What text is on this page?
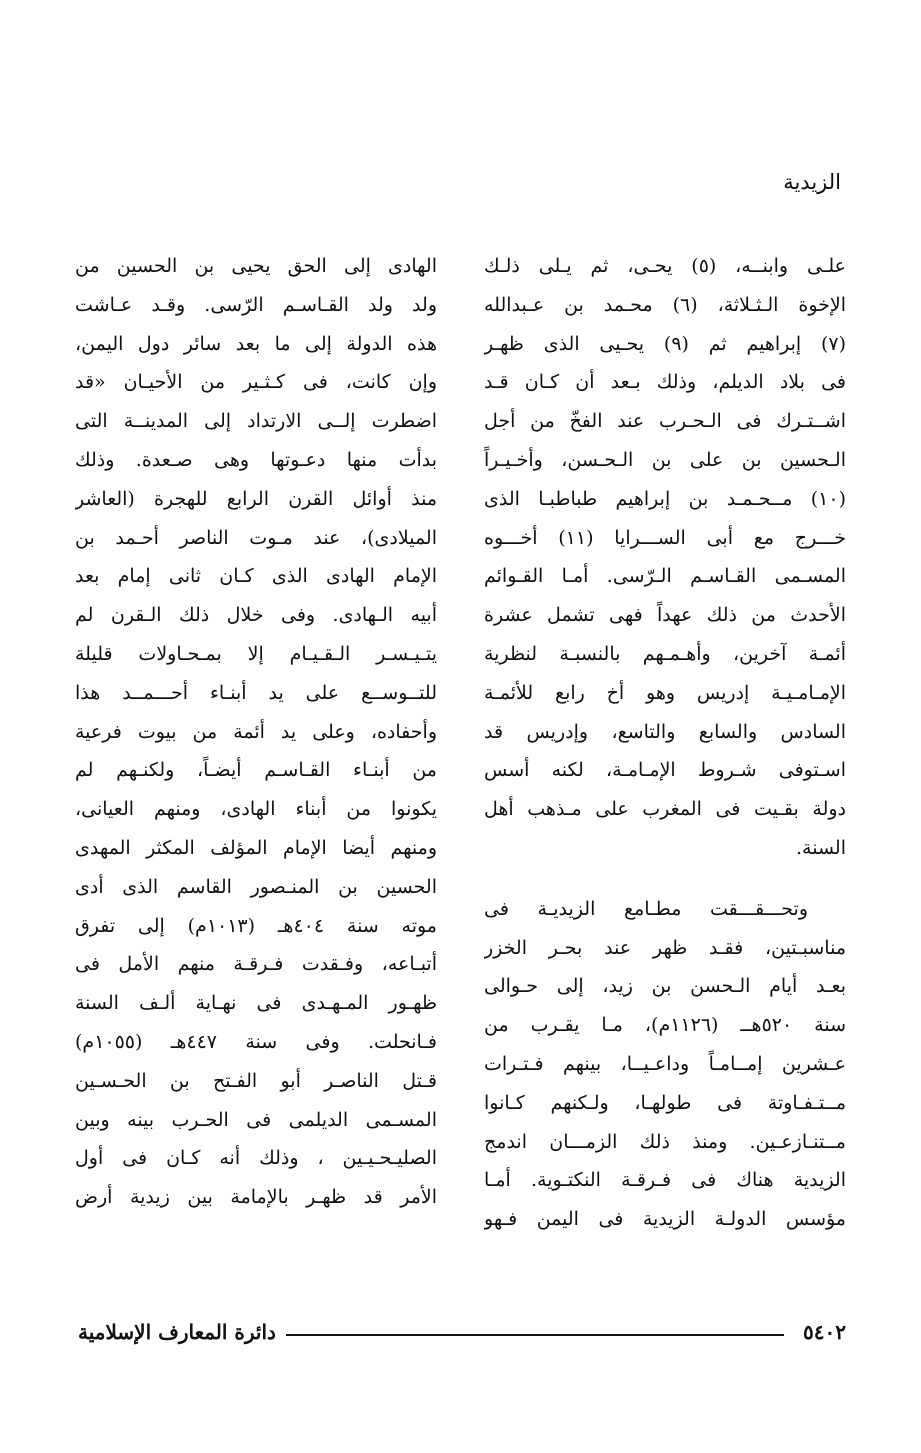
الزيدية
علـى وابنــه، (٥) يحـى، ثم يـلى ذلـك
الإخوة الـثـلاثة، (٦) محـمد بن عـبدالله
(٧) إبراهيم ثم (٩) يحـيى الذى ظهـر
فى بلاد الديلم، وذلك بـعد أن كـان قـد
اشــتـرك فى الـحـرب عند الفخّ من أجل
الـحسين بن على بن الـحـسن، وأخـيـراً
(١٠) مــحـمـد بن إبراهيم طباطبـا الذى
خـــرج مع أبى الســـرايا (١١) أخـــوه
المسـمى القـاسـم الـرّسى. أمـا القـوائم
الأحدث من ذلك عهداً فهى تشمل عشرة
أئمـة آخرين، وأهـمـهم بالنسبـة لنظرية
الإمـامـيـة إدريس وهو أخ رابع للأئمـة
السادس والسابع والتاسع، وإدريس قد
اسـتوفى شـروط الإمـامـة، لكنه أسس
دولة بقـيت فى المغرب على مـذهب أهل
السنة.
وتحـــقـــقت مطـامع الزيديـة فى
مناسبـتين، فقـد ظهر عند بحـر الخزر
بعـد أيام الـحسن بن زيد، إلى حـوالى
سنة ٥٢٠هــ (١١٢٦م)، مـا يقـرب من
عـشرين إمــامـاً وداعـيــا، بينهم فـتـرات
مــتـفـاوتة فى طولهـا، ولـكنهم كـانوا
مــتنـازعـين. ومنذ ذلك الزمـــان اندمج
الزيدية هناك فى فـرقـة النكتـوية. أمـا
مؤسس الدولـة الزيدية فى اليمن فـهو
الهادى إلى الحق يحيى بن الحسين من
ولد ولد القـاسـم الرّسى. وقـد عـاشت
هذه الدولة إلى ما بعد سائر دول اليمن،
وإن كانت، فى كـثـير من الأحيـان «قد
اضطرت إلــى الارتداد إلى المدينــة التى
بدأت منها دعـوتها وهى صـعدة. وذلك
منذ أوائل القرن الرابع للهجرة (العاشر
الميلادى)، عند مـوت الناصر أحـمد بن
الإمام الهادى الذى كـان ثانى إمام بعد
أبيه الـهادى. وفى خلال ذلك الـقرن لم
يتـيـسـر الـقـيـام إلا بمـحـاولات قليلة
للتــوســع على يد أبنـاء أحـــمــد هذا
وأحفاده، وعلى يد أئمة من بيوت فرعية
من أبنـاء القـاسـم أيضـاً، ولكنـهم لم
يكونوا من أبناء الهادى، ومنهم العيانى،
ومنهم أيضا الإمام المؤلف المكثر المهدى
الحسين بن المنـصور القاسم الذى أدى
موته سنة ٤٠٤هـ (١٠١٣م) إلى تفرق
أتبـاعه، وفـقدت فـرقـة منهم الأمل فى
ظهـور المـهـدى فى نهـاية ألـف السنة
فـانحلت. وفى سنة ٤٤٧هـ (١٠٥٥م)
قـتل الناصـر أبو الفـتح بن الحـسـين
المسـمى الديلمى فى الحـرب بينه وبين
الصليـحـيـين ، وذلك أنه كـان فى أول
الأمر قد ظهـر بالإمامة بين زيدية أرض
دائرة المعارف الإسلامية	٥٤٠٢
